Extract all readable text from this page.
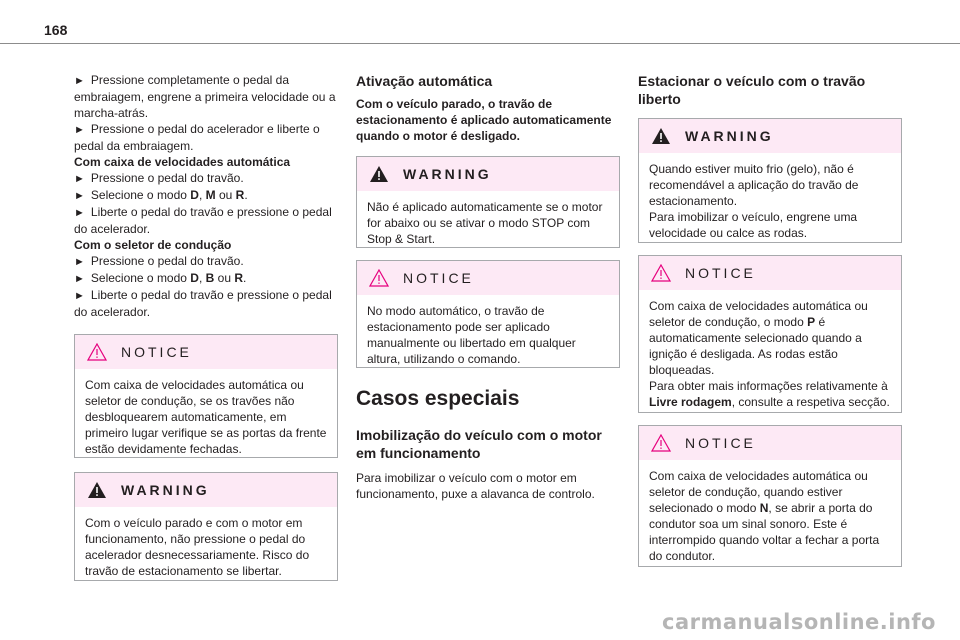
168

► Pressione completamente o pedal da embraiagem, engrene a primeira velocidade ou a marcha-atrás.

► Pressione o pedal do acelerador e liberte o pedal da embraiagem.

Com caixa de velocidades automática

► Pressione o pedal do travão.

► Selecione o modo D, M ou R.

► Liberte o pedal do travão e pressione o pedal do acelerador.

Com o seletor de condução

► Pressione o pedal do travão.

► Selecione o modo D, B ou R.

► Liberte o pedal do travão e pressione o pedal do acelerador.

NOTICE

Com caixa de velocidades automática ou seletor de condução, se os travões não desbloquearem automaticamente, em primeiro lugar verifique se as portas da frente estão devidamente fechadas.

WARNING

Com o veículo parado e com o motor em funcionamento, não pressione o pedal do acelerador desnecessariamente. Risco do travão de estacionamento se libertar.

Ativação automática

Com o veículo parado, o travão de estacionamento é aplicado automaticamente quando o motor é desligado.

WARNING

Não é aplicado automaticamente se o motor for abaixo ou se ativar o modo STOP com Stop & Start.

NOTICE

No modo automático, o travão de estacionamento pode ser aplicado manualmente ou libertado em qualquer altura, utilizando o comando.

Casos especiais
Imobilização do veículo com o motor em funcionamento

Para imobilizar o veículo com o motor em funcionamento, puxe a alavanca de controlo.

Estacionar o veículo com o travão liberto
WARNING

Quando estiver muito frio (gelo), não é recomendável a aplicação do travão de estacionamento.

Para imobilizar o veículo, engrene uma velocidade ou calce as rodas.

NOTICE

Com caixa de velocidades automática ou seletor de condução, o modo P é automaticamente selecionado quando a ignição é desligada. As rodas estão bloqueadas.

Para obter mais informações relativamente à Livre rodagem, consulte a respetiva secção.

NOTICE

Com caixa de velocidades automática ou seletor de condução, quando estiver selecionado o modo N, se abrir a porta do condutor soa um sinal sonoro. Este é interrompido quando voltar a fechar a porta do condutor.

carmanualsonline.info
